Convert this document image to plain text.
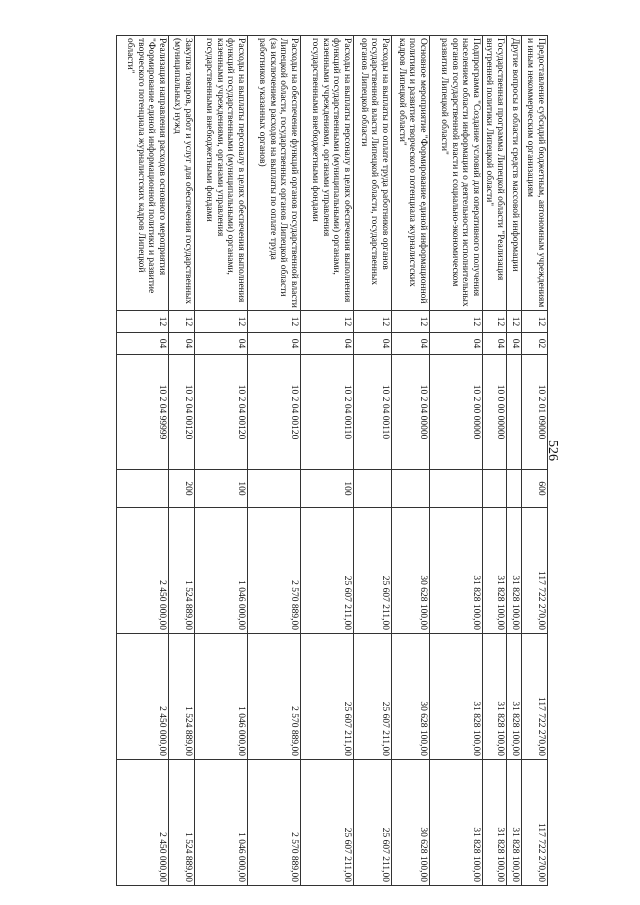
526
Предоставление субсидий бюджетным, автономным учреждениям и иным некоммерческим организациям	12	02	10 2 01 09000	600	117 722 270,00	117 722 270,00	117 722 270,00
Другие вопросы в области средств массовой информации	12	04			31 828 100,00	31 828 100,00	31 828 100,00
Государственная программа Липецкой области "Реализация внутренней политики Липецкой области"	12	04	10 0 00 00000		31 828 100,00	31 828 100,00	31 828 100,00
Подпрограмма "Создание условий для оперативного получения населением области информации о деятельности исполнительных органов государственной власти и социально-экономическом развитии Липецкой области"	12	04	10 2 00 00000		31 828 100,00	31 828 100,00	31 828 100,00
Основное мероприятие "Формирование единой информационной политики и развитие творческого потенциала журналистских кадров Липецкой области"	12	04	10 2 04 00000		30 628 100,00	30 628 100,00	30 628 100,00
Расходы на выплаты по оплате труда работников органов государственной власти Липецкой области, государственных органов Липецкой области	12	04	10 2 04 00110		25 607 211,00	25 607 211,00	25 607 211,00
Расходы на выплаты персоналу в целях обеспечения выполнения функций государственными (муниципальными) органами, казенными учреждениями, органами управления государственными внебюджетными фондами	12	04	10 2 04 00110	100	25 607 211,00	25 607 211,00	25 607 211,00
Расходы на обеспечение функций органов государственной власти Липецкой области, государственных органов Липецкой области (за исключением расходов на выплаты по оплате труда работников указанных органов)	12	04	10 2 04 00120		2 570 889,00	2 570 889,00	2 570 889,00
Расходы на выплаты персоналу в целях обеспечения выполнения функций государственными (муниципальными) органами, казенными учреждениями, органами управления государственными внебюджетными фондами	12	04	10 2 04 00120	100	1 046 000,00	1 046 000,00	1 046 000,00
Закупка товаров, работ и услуг для обеспечения государственных (муниципальных) нужд	12	04	10 2 04 00120	200	1 524 889,00	1 524 889,00	1 524 889,00
Реализация направления расходов основного мероприятия "Формирование единой информационной политики и развитие творческого потенциала журналистских кадров Липецкой области"	12	04	10 2 04 99999		2 450 000,00	2 450 000,00	2 450 000,00
